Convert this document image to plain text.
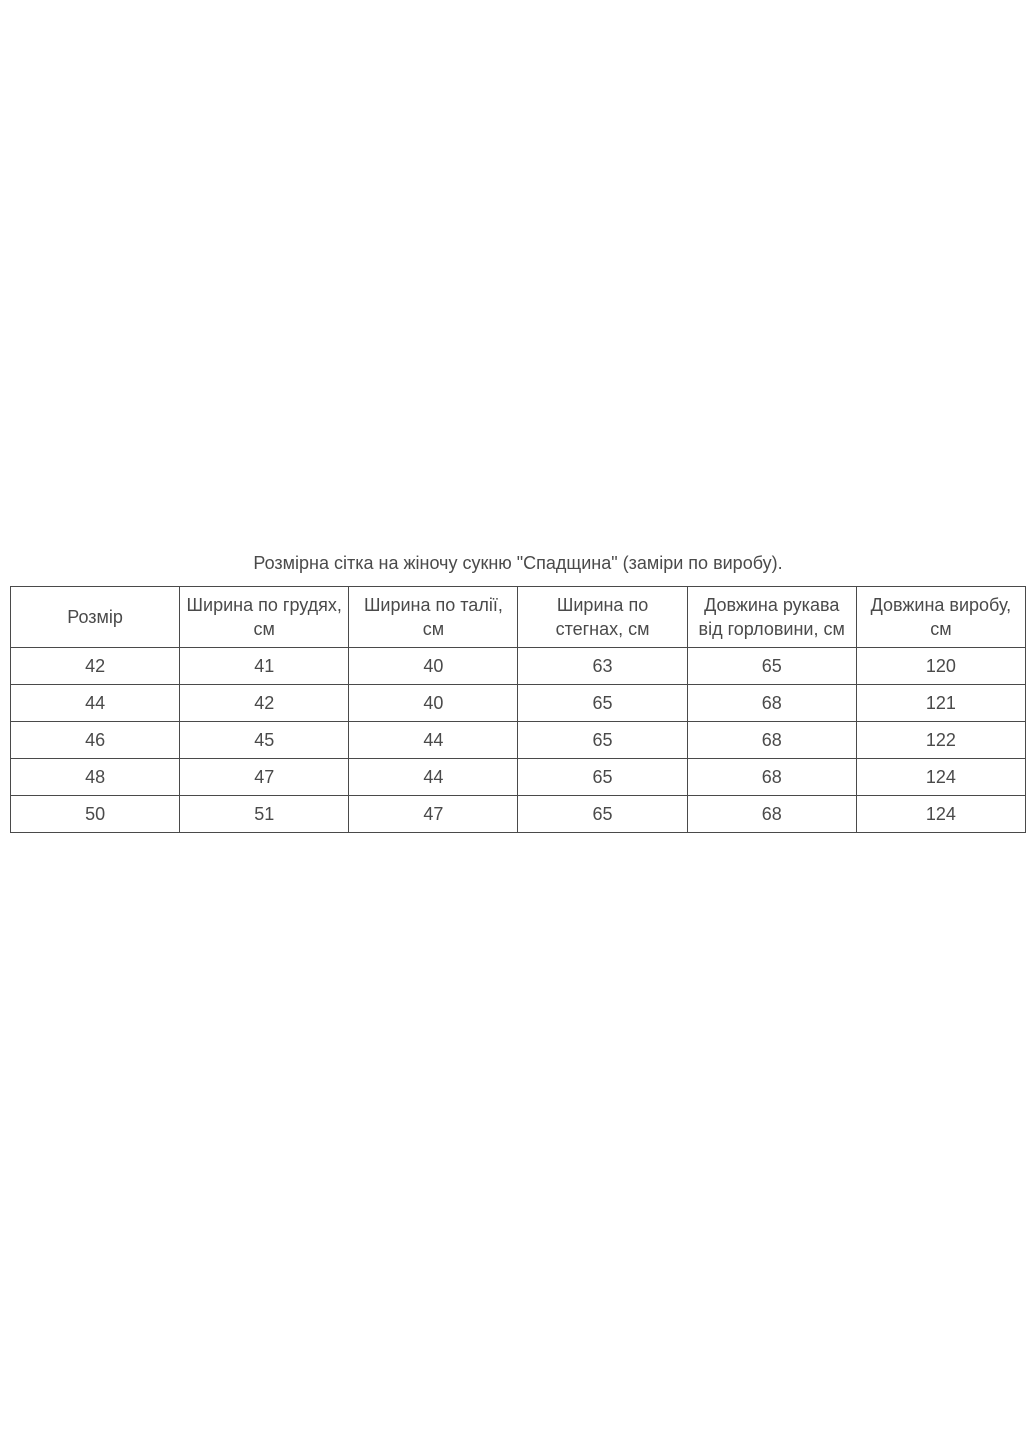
Розмірна сітка на жіночу сукню "Спадщина" (заміри по виробу).
Розмір	Ширина по грудях, см	Ширина по талії, см	Ширина по стегнах, см	Довжина рукава від горловини, см	Довжина виробу, см
42	41	40	63	65	120
44	42	40	65	68	121
46	45	44	65	68	122
48	47	44	65	68	124
50	51	47	65	68	124
